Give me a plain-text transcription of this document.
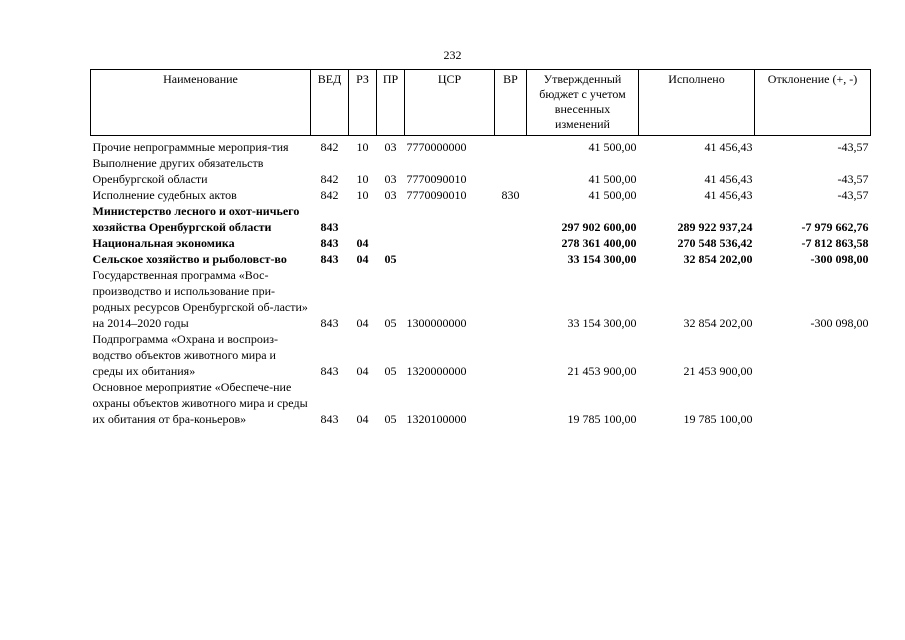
232
Наименование	ВЕД	РЗ	ПР	ЦСР	ВР	Утвержденный бюджет с учетом внесенных изменений	Исполнено	Отклонение (+, -)
Прочие непрограммные мероприя-тия	842	10	03	7770000000		41 500,00	41 456,43	-43,57
Выполнение других обязательств Оренбургской области	842	10	03	7770090010		41 500,00	41 456,43	-43,57
Исполнение судебных актов	842	10	03	7770090010	830	41 500,00	41 456,43	-43,57
Министерство лесного и охот-ничьего хозяйства Оренбургской области	843					297 902 600,00	289 922 937,24	-7 979 662,76
Национальная экономика	843	04				278 361 400,00	270 548 536,42	-7 812 863,58
Сельское хозяйство и рыболовст-во	843	04	05			33 154 300,00	32 854 202,00	-300 098,00
Государственная программа «Вос-производство и использование при-родных ресурсов Оренбургской об-ласти» на 2014–2020 годы	843	04	05	1300000000		33 154 300,00	32 854 202,00	-300 098,00
Подпрограмма «Охрана и воспроиз-водство объектов животного мира и среды их обитания»	843	04	05	1320000000		21 453 900,00	21 453 900,00	
Основное мероприятие «Обеспече-ние охраны объектов животного мира и среды их обитания от бра-коньеров»	843	04	05	1320100000		19 785 100,00	19 785 100,00	
